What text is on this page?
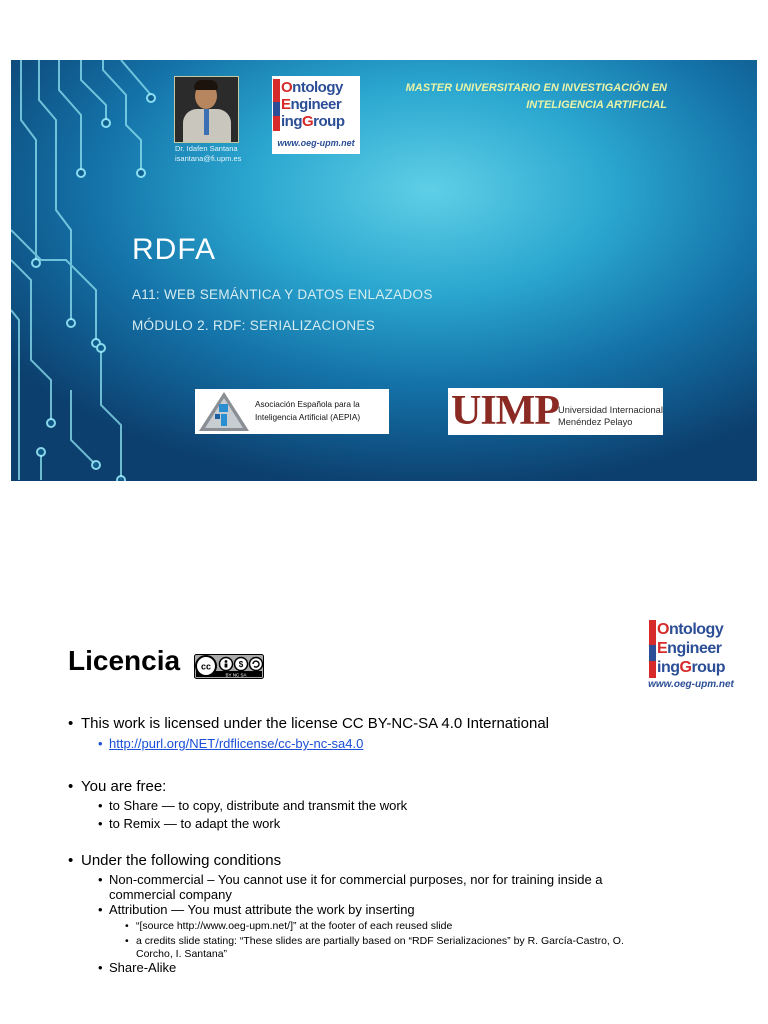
Dr. Idafen Santana
isantana@fi.upm.es
Ontology
Engineer
ingGroup
www.oeg-upm.net
MASTER UNIVERSITARIO EN INVESTIGACIÓN EN
INTELIGENCIA ARTIFICIAL
RDFA
A11: WEB SEMÁNTICA Y DATOS ENLAZADOS
MÓDULO 2. RDF: SERIALIZACIONES
Asociación Española para la
Inteligencia Artificial (AEPIA)	UIMP Universidad Internacional
Menéndez Pelayo
Licencia cc	$
BY NC SA
Ontology
Engineer
ingGroup
www.oeg-upm.net
• This work is licensed under the license CC BY-NC-SA 4.0 International
• http://purl.org/NET/rdflicense/cc-by-nc-sa4.0
• You are free:
• to Share — to copy, distribute and transmit the work
• to Remix — to adapt the work
• Under the following conditions
• Non-commercial – You cannot use it for commercial purposes, nor for training inside a
commercial company
• Attribution — You must attribute the work by inserting
• “[source http://www.oeg-upm.net/]” at the footer of each reused slide
• a credits slide stating: “These slides are partially based on “RDF Serializaciones” by R. García-Castro, O.
Corcho, I. Santana”
• Share-Alike
